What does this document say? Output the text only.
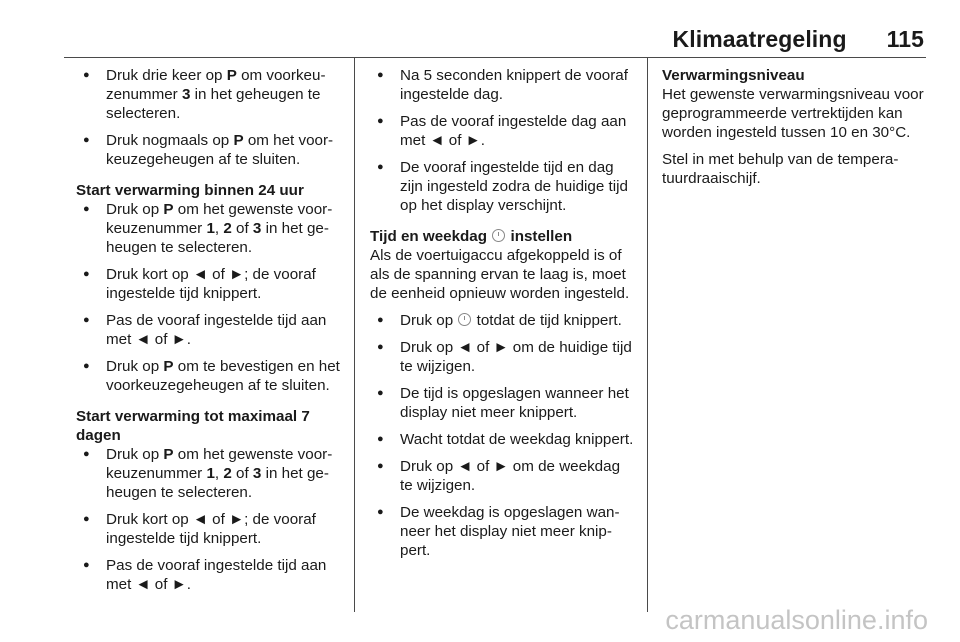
Klimaatregeling 115
● Druk drie keer op P om voorkeuzenummer 3 in het geheugen te selecteren.
● Druk nogmaals op P om het voorkeuzegeheugen af te sluiten.
Start verwarming binnen 24 uur
● Druk op P om het gewenste voorkeuzenummer 1, 2 of 3 in het geheugen te selecteren.
● Druk kort op ◄ of ►; de vooraf ingestelde tijd knippert.
● Pas de vooraf ingestelde tijd aan met ◄ of ►.
● Druk op P om te bevestigen en het voorkeuzegeheugen af te sluiten.
Start verwarming tot maximaal 7 dagen
● Druk op P om het gewenste voorkeuzenummer 1, 2 of 3 in het geheugen te selecteren.
● Druk kort op ◄ of ►; de vooraf ingestelde tijd knippert.
● Pas de vooraf ingestelde tijd aan met ◄ of ►.
● Na 5 seconden knippert de vooraf ingestelde dag.
● Pas de vooraf ingestelde dag aan met ◄ of ►.
● De vooraf ingestelde tijd en dag zijn ingesteld zodra de huidige tijd op het display verschijnt.
Tijd en weekdag  instellen

Als de voertuigaccu afgekoppeld is of als de spanning ervan te laag is, moet de eenheid opnieuw worden ingesteld.

● Druk op  totdat de tijd knippert.
● Druk op ◄ of ► om de huidige tijd te wijzigen.
● De tijd is opgeslagen wanneer het display niet meer knippert.
● Wacht totdat de weekdag knippert.
● Druk op ◄ of ► om de weekdag te wijzigen.
● De weekdag is opgeslagen wanneer het display niet meer knippert.
Verwarmingsniveau

Het gewenste verwarmingsniveau voor geprogrammeerde vertrektijden kan worden ingesteld tussen 10 en 30°C.

Stel in met behulp van de temperatuurdraaischijf.

carmanualsonline.info
